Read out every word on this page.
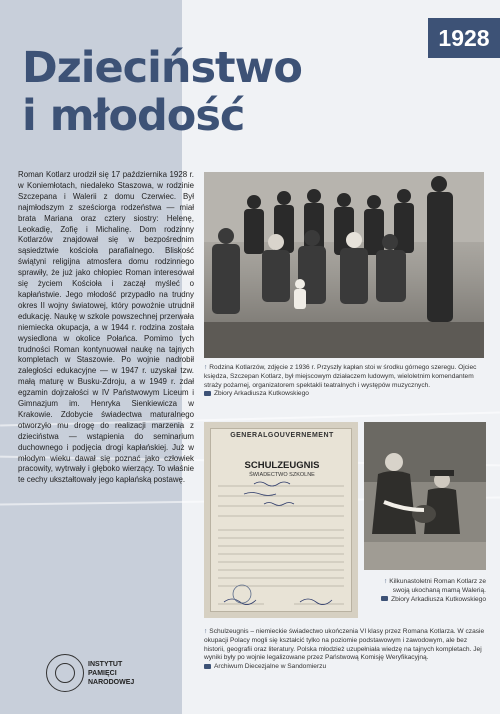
1928
Dzieciństwo
i młodość

Roman Kotlarz urodził się 17 października 1928 r. w Koniemłotach, niedaleko Staszowa, w rodzinie Szczepana i Walerii z domu Czerwiec. Był najmłodszym z sześciorga rodzeństwa — miał brata Mariana oraz cztery siostry: Helenę, Leokadię, Zofię i Michalinę. Dom rodzinny Kotlarzów znajdował się w bezpośrednim sąsiedztwie kościoła parafialnego. Bliskość świątyni religijna atmosfera domu rodzinnego sprawiły, że już jako chłopiec Roman interesował się życiem Kościoła i zaczął myśleć o kapłaństwie. Jego młodość przypadło na trudny okres II wojny światowej, który powożnie utrudnił edukację. Naukę w szkole powszechnej przerwała niemiecka okupacja, a w 1944 r. rodzina została wysiedlona w okolice Połańca. Pomimo tych trudności Roman kontynuował naukę na tajnych kompletach w Staszowie. Po wojnie nadrobił zaległości edukacyjne — w 1947 r. uzyskał tzw. małą maturę w Busku-Zdroju, a w 1949 r. zdał egzamin dojrzałości w IV Państwowym Liceum i Gimnazjum im. Henryka Sienkiewicza w Krakowie. Zdobycie świadectwa maturalnego otworzyło mu drogę do realizacji marzenia z dzieciństwa — wstąpienia do seminarium duchownego i podjęcia drogi kapłańskiej. Już w młodym wieku dawał się poznać jako człowiek pracowity, wytrwały i głęboko wierzący. To właśnie te cechy ukształtowały jego kapłańską postawę.

↑ Rodzina Kotlarzów, zdjęcie z 1936 r. Przyszły kapłan stoi w środku górnego szeregu. Ojciec księdza, Szczepan Kotlarz, był miejscowym działaczem ludowym, wieloletnim komendantem straży pożarnej, organizatorem spektakli teatralnych i występów muzycznych.
Zbiory Arkadiusza Kutkowskiego

GENERALGOUVERNEMENT
SCHULZEUGNIS
ŚWIADECTWO SZKOLNE

↑ Kilkunastoletni Roman Kotlarz ze swoją ukochaną mamą Walerią.
Zbiory Arkadiusza Kutkowskiego

↑ Schulzeugnis – niemieckie świadectwo ukończenia VI klasy przez Romana Kotlarza. W czasie okupacji Polacy mogli się kształcić tylko na poziomie podstawowym i zawodowym, ale bez historii, geografii oraz literatury. Polska młodzież uzupełniała wiedzę na tajnych kompletach. Jej wyniki były po wojnie legalizowane przez Państwową Komisję Weryfikacyjną.
Archiwum Diecezjalne w Sandomierzu

INSTYTUT
PAMIĘCI
NARODOWEJ
